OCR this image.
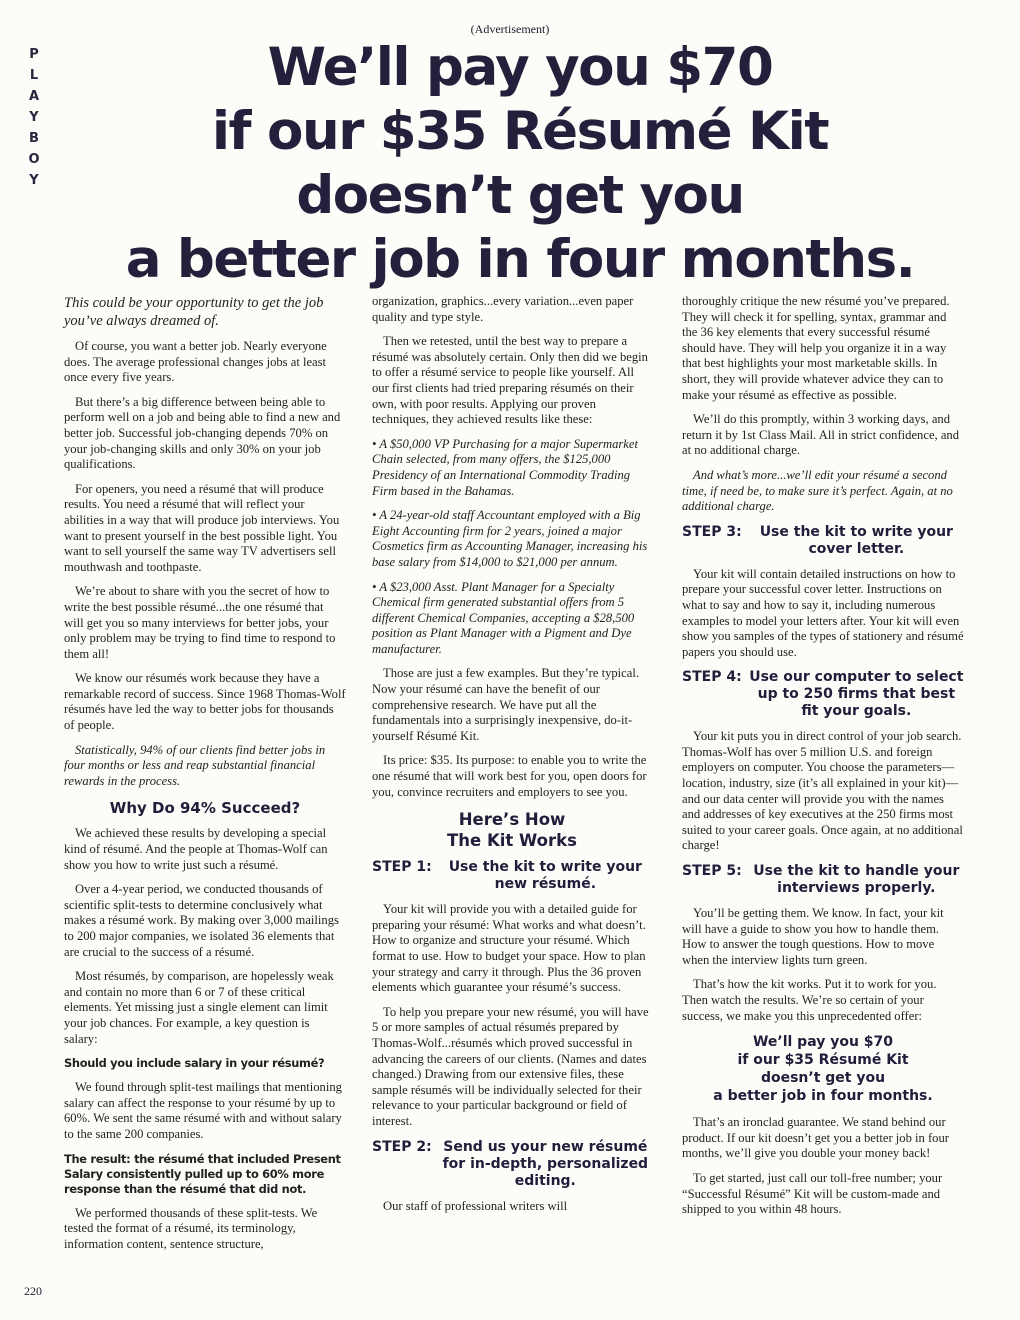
(Advertisement)
P
L
A
Y
B
O
Y
We’ll pay you $70
if our $35 Résumé Kit
doesn’t get you
a better job in four months.

This could be your opportunity to get the job you’ve always dreamed of.

Of course, you want a better job. Nearly everyone does. The average professional changes jobs at least once every five years.

But there’s a big difference between being able to perform well on a job and being able to find a new and better job. Successful job-changing depends 70% on your job-changing skills and only 30% on your job qualifications.

For openers, you need a résumé that will produce results. You need a résumé that will reflect your abilities in a way that will produce job interviews. You want to present yourself in the best possible light. You want to sell yourself the same way TV advertisers sell mouthwash and toothpaste.

We’re about to share with you the secret of how to write the best possible résumé...the one résumé that will get you so many interviews for better jobs, your only problem may be trying to find time to respond to them all!

We know our résumés work because they have a remarkable record of success. Since 1968 Thomas-Wolf résumés have led the way to better jobs for thousands of people.

Statistically, 94% of our clients find better jobs in four months or less and reap substantial financial rewards in the process.

Why Do 94% Succeed?

We achieved these results by developing a special kind of résumé. And the people at Thomas-Wolf can show you how to write just such a résumé.

Over a 4-year period, we conducted thousands of scientific split-tests to determine conclusively what makes a résumé work. By making over 3,000 mailings to 200 major companies, we isolated 36 elements that are crucial to the success of a résumé.

Most résumés, by comparison, are hopelessly weak and contain no more than 6 or 7 of these critical elements. Yet missing just a single element can limit your job chances. For example, a key question is salary:

Should you include salary in your résumé?

We found through split-test mailings that mentioning salary can affect the response to your résumé by up to 60%. We sent the same résumé with and without salary to the same 200 companies.

The result: the résumé that included Present Salary consistently pulled up to 60% more response than the résumé that did not.

We performed thousands of these split-tests. We tested the format of a résumé, its terminology, information content, sentence structure,

organization, graphics...every variation...even paper quality and type style.

Then we retested, until the best way to prepare a résumé was absolutely certain. Only then did we begin to offer a résumé service to people like yourself. All our first clients had tried preparing résumés on their own, with poor results. Applying our proven techniques, they achieved results like these:

• A $50,000 VP Purchasing for a major Supermarket Chain selected, from many offers, the $125,000 Presidency of an International Commodity Trading Firm based in the Bahamas.

• A 24-year-old staff Accountant employed with a Big Eight Accounting firm for 2 years, joined a major Cosmetics firm as Accounting Manager, increasing his base salary from $14,000 to $21,000 per annum.

• A $23,000 Asst. Plant Manager for a Specialty Chemical firm generated substantial offers from 5 different Chemical Companies, accepting a $28,500 position as Plant Manager with a Pigment and Dye manufacturer.

Those are just a few examples. But they’re typical. Now your résumé can have the benefit of our comprehensive research. We have put all the fundamentals into a surprisingly inexpensive, do-it-yourself Résumé Kit.

Its price: $35. Its purpose: to enable you to write the one résumé that will work best for you, open doors for you, convince recruiters and employers to see you.

Here’s How
The Kit Works
STEP 1:	Use the kit to write your new résumé.

Your kit will provide you with a detailed guide for preparing your résumé: What works and what doesn’t. How to organize and structure your résumé. Which format to use. How to budget your space. How to plan your strategy and carry it through. Plus the 36 proven elements which guarantee your résumé’s success.

To help you prepare your new résumé, you will have 5 or more samples of actual résumés prepared by Thomas-Wolf...résumés which proved successful in advancing the careers of our clients. (Names and dates changed.) Drawing from our extensive files, these sample résumés will be individually selected for their relevance to your particular background or field of interest.

STEP 2: Send us your new résumé for in-depth, personalized editing.

Our staff of professional writers will

thoroughly critique the new résumé you’ve prepared. They will check it for spelling, syntax, grammar and the 36 key elements that every successful résumé should have. They will help you organize it in a way that best highlights your most marketable skills. In short, they will provide whatever advice they can to make your résumé as effective as possible.

We’ll do this promptly, within 3 working days, and return it by 1st Class Mail. All in strict confidence, and at no additional charge.

And what’s more...we’ll edit your résumé a second time, if need be, to make sure it’s perfect. Again, at no additional charge.

STEP 3:	Use the kit to write your cover letter.

Your kit will contain detailed instructions on how to prepare your successful cover letter. Instructions on what to say and how to say it, including numerous examples to model your letters after. Your kit will even show you samples of the types of stationery and résumé papers you should use.

STEP 4: Use our computer to select up to 250 firms that best fit your goals.

Your kit puts you in direct control of your job search. Thomas-Wolf has over 5 million U.S. and foreign employers on computer. You choose the parameters—location, industry, size (it’s all explained in your kit)—and our data center will provide you with the names and addresses of key executives at the 250 firms most suited to your career goals. Once again, at no additional charge!

STEP 5: Use the kit to handle your interviews properly.

You’ll be getting them. We know. In fact, your kit will have a guide to show you how to handle them. How to answer the tough questions. How to move when the interview lights turn green.

That’s how the kit works. Put it to work for you. Then watch the results. We’re so certain of your success, we make you this unprecedented offer:

We’ll pay you $70
if our $35 Résumé Kit
doesn’t get you
a better job in four months.

That’s an ironclad guarantee. We stand behind our product. If our kit doesn’t get you a better job in four months, we’ll give you double your money back!

To get started, just call our toll-free number; your “Successful Résumé” Kit will be custom-made and shipped to you within 48 hours.

220
